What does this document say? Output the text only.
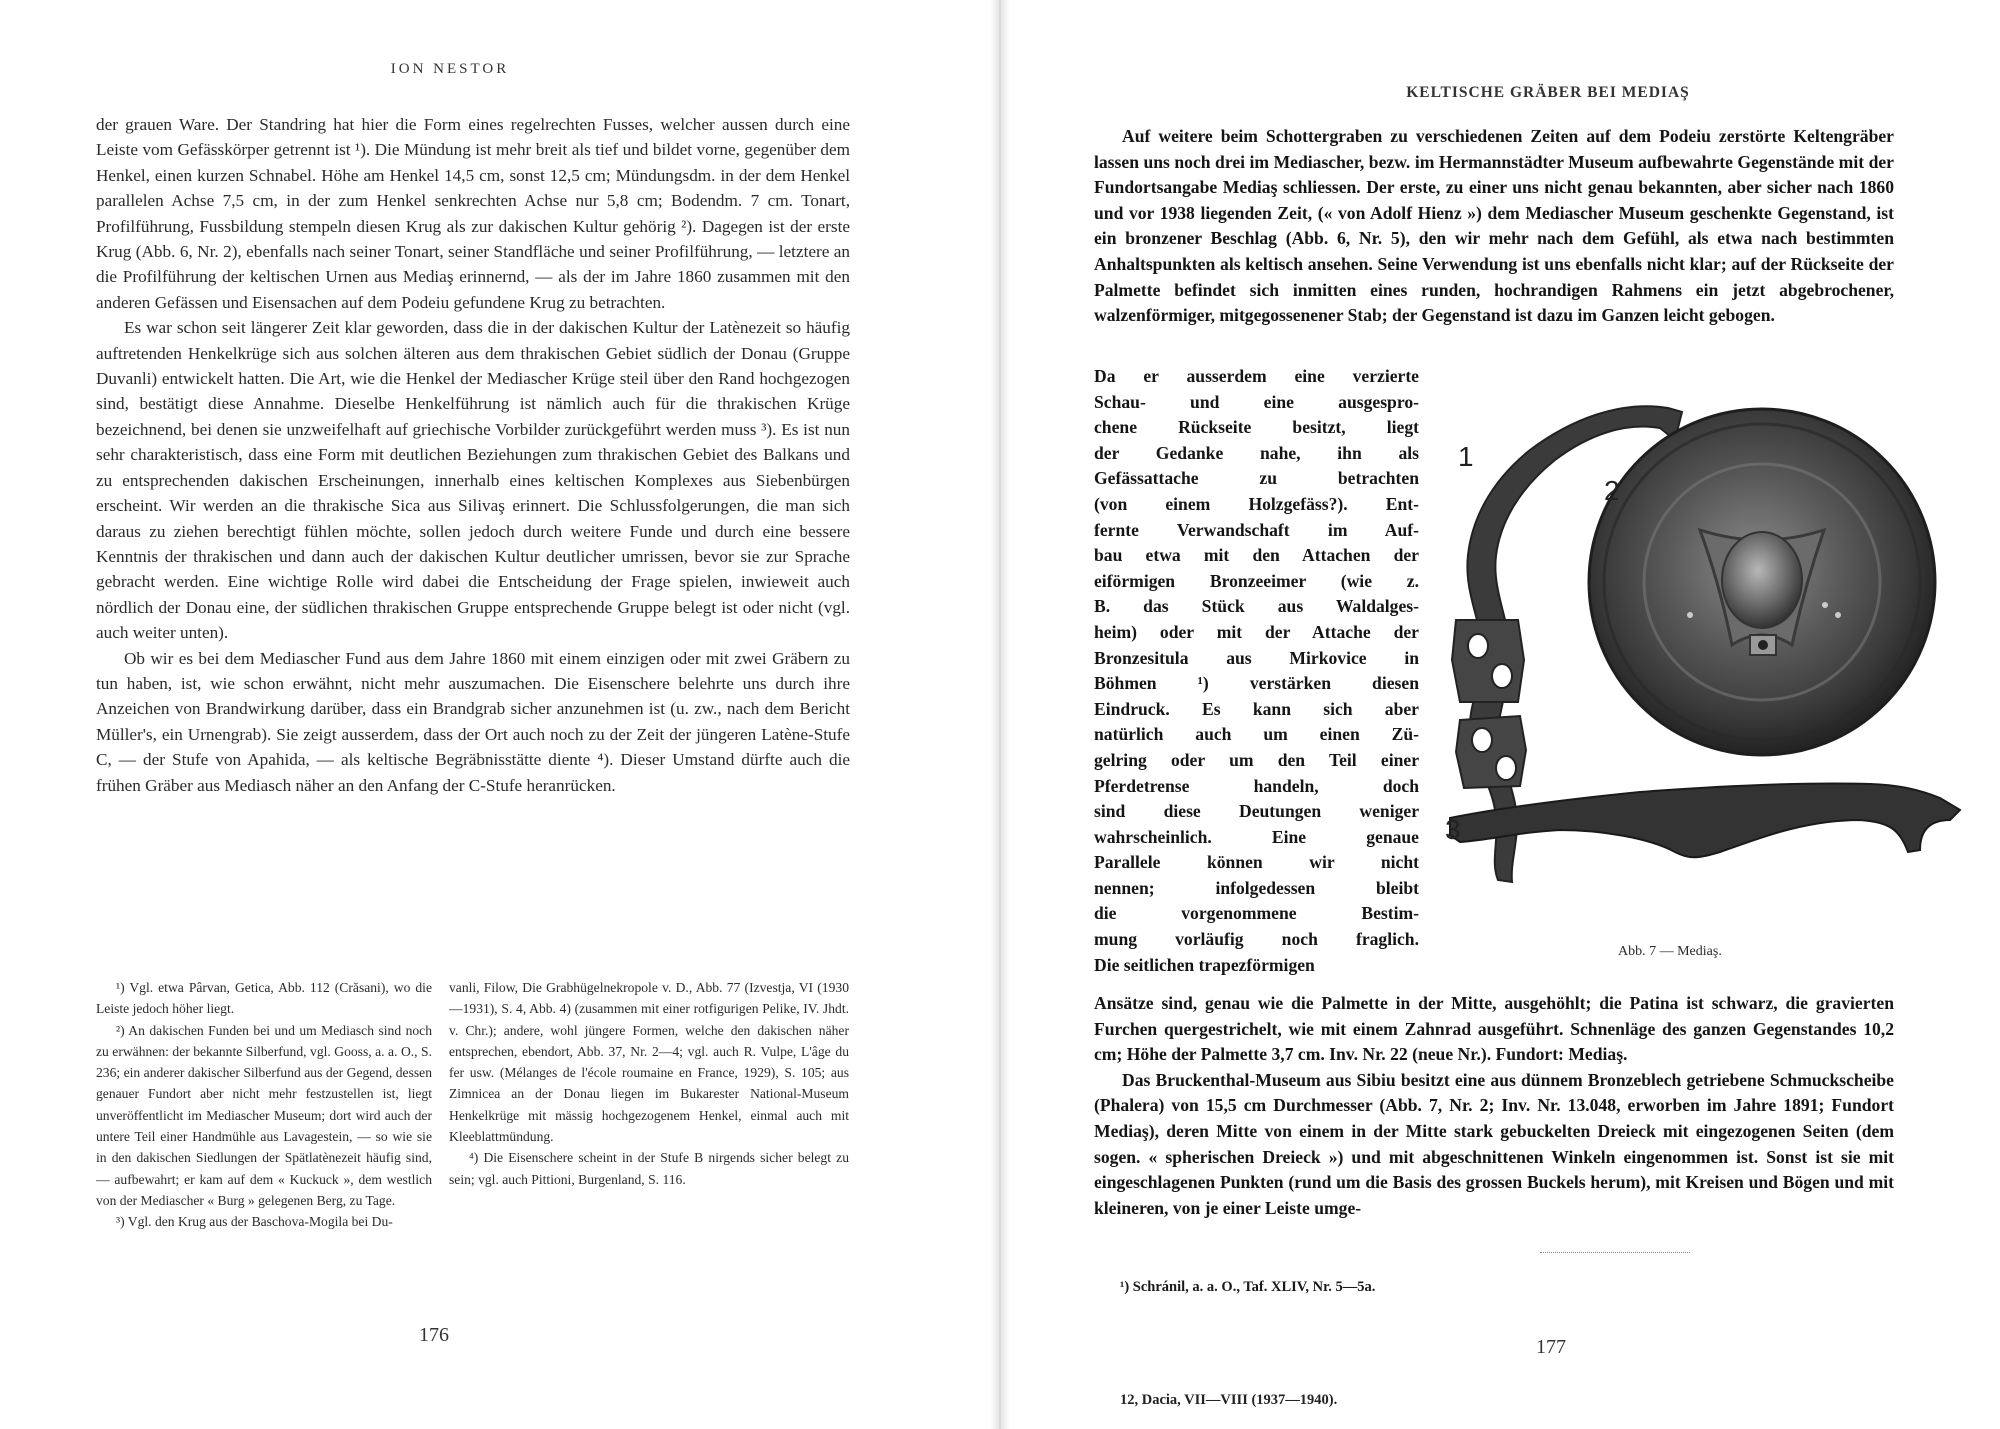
ION NESTOR

der grauen Ware. Der Standring hat hier die Form eines regelrechten Fusses, welcher aussen durch eine Leiste vom Gefässkörper getrennt ist ¹). Die Mündung ist mehr breit als tief und bildet vorne, gegenüber dem Henkel, einen kurzen Schnabel. Höhe am Henkel 14,5 cm, sonst 12,5 cm; Mündungsdm. in der dem Henkel parallelen Achse 7,5 cm, in der zum Henkel senkrechten Achse nur 5,8 cm; Bodendm. 7 cm. Tonart, Profilführung, Fussbildung stempeln diesen Krug als zur dakischen Kultur gehörig ²). Dagegen ist der erste Krug (Abb. 6, Nr. 2), ebenfalls nach seiner Tonart, seiner Standfläche und seiner Profilführung, — letztere an die Profilführung der keltischen Urnen aus Mediaş erinnernd, — als der im Jahre 1860 zusammen mit den anderen Gefässen und Eisensachen auf dem Podeiu gefundene Krug zu betrachten.

Es war schon seit längerer Zeit klar geworden, dass die in der dakischen Kultur der Latènezeit so häufig auftretenden Henkelkrüge sich aus solchen älteren aus dem thrakischen Gebiet südlich der Donau (Gruppe Duvanli) entwickelt hatten. Die Art, wie die Henkel der Mediascher Krüge steil über den Rand hochgezogen sind, bestätigt diese Annahme. Dieselbe Henkelführung ist nämlich auch für die thrakischen Krüge bezeichnend, bei denen sie unzweifelhaft auf griechische Vorbilder zurückgeführt werden muss ³). Es ist nun sehr charakteristisch, dass eine Form mit deutlichen Beziehungen zum thrakischen Gebiet des Balkans und zu entsprechenden dakischen Erscheinungen, innerhalb eines keltischen Komplexes aus Siebenbürgen erscheint. Wir werden an die thrakische Sica aus Silivaş erinnert. Die Schlussfolgerungen, die man sich daraus zu ziehen berechtigt fühlen möchte, sollen jedoch durch weitere Funde und durch eine bessere Kenntnis der thrakischen und dann auch der dakischen Kultur deutlicher umrissen, bevor sie zur Sprache gebracht werden. Eine wichtige Rolle wird dabei die Entscheidung der Frage spielen, inwieweit auch nördlich der Donau eine, der südlichen thrakischen Gruppe entsprechende Gruppe belegt ist oder nicht (vgl. auch weiter unten).

Ob wir es bei dem Mediascher Fund aus dem Jahre 1860 mit einem einzigen oder mit zwei Gräbern zu tun haben, ist, wie schon erwähnt, nicht mehr auszumachen. Die Eisenschere belehrte uns durch ihre Anzeichen von Brandwirkung darüber, dass ein Brandgrab sicher anzunehmen ist (u. zw., nach dem Bericht Müller's, ein Urnengrab). Sie zeigt ausserdem, dass der Ort auch noch zu der Zeit der jüngeren Latène-Stufe C, — der Stufe von Apahida, — als keltische Begräbnisstätte diente ⁴). Dieser Umstand dürfte auch die frühen Gräber aus Mediasch näher an den Anfang der C-Stufe heranrücken.

¹) Vgl. etwa Pârvan, Getica, Abb. 112 (Crăsani), wo die Leiste jedoch höher liegt.

²) An dakischen Funden bei und um Mediasch sind noch zu erwähnen: der bekannte Silberfund, vgl. Gooss, a. a. O., S. 236; ein anderer dakischer Silberfund aus der Gegend, dessen genauer Fundort aber nicht mehr festzustellen ist, liegt unveröffentlicht im Mediascher Museum; dort wird auch der untere Teil einer Handmühle aus Lavagestein, — so wie sie in den dakischen Siedlungen der Spätlatènezeit häufig sind, — aufbewahrt; er kam auf dem « Kuckuck », dem westlich von der Mediascher « Burg » gelegenen Berg, zu Tage.

³) Vgl. den Krug aus der Baschova-Mogila bei Du-

vanli, Filow, Die Grabhügelnekropole v. D., Abb. 77 (Izvestja, VI (1930—1931), S. 4, Abb. 4) (zusammen mit einer rotfigurigen Pelike, IV. Jhdt. v. Chr.); andere, wohl jüngere Formen, welche den dakischen näher entsprechen, ebendort, Abb. 37, Nr. 2—4; vgl. auch R. Vulpe, L'âge du fer usw. (Mélanges de l'école roumaine en France, 1929), S. 105; aus Zimnicea an der Donau liegen im Bukarester National-Museum Henkelkrüge mit mässig hochgezogenem Henkel, einmal auch mit Kleeblattmündung.

⁴) Die Eisenschere scheint in der Stufe B nirgends sicher belegt zu sein; vgl. auch Pittioni, Burgenland, S. 116.

176
KELTISCHE GRÄBER BEI MEDIAŞ

Auf weitere beim Schottergraben zu verschiedenen Zeiten auf dem Podeiu zerstörte Keltengräber lassen uns noch drei im Mediascher, bezw. im Hermannstädter Museum aufbewahrte Gegenstände mit der Fundortsangabe Mediaş schliessen. Der erste, zu einer uns nicht genau bekannten, aber sicher nach 1860 und vor 1938 liegenden Zeit, (« von Adolf Hienz ») dem Mediascher Museum geschenkte Gegenstand, ist ein bronzener Beschlag (Abb. 6, Nr. 5), den wir mehr nach dem Gefühl, als etwa nach bestimmten Anhaltspunkten als keltisch ansehen. Seine Verwendung ist uns ebenfalls nicht klar; auf der Rückseite der Palmette befindet sich inmitten eines runden, hochrandigen Rahmens ein jetzt abgebrochener, walzenförmiger, mitgegossenener Stab; der Gegenstand ist dazu im Ganzen leicht gebogen.

Da er ausserdem eine verzierte
Schau- und eine ausgespro-
chene Rückseite besitzt, liegt
der Gedanke nahe, ihn als
Gefässattache zu betrachten
(von einem Holzgefäss?). Ent-
fernte Verwandschaft im Auf-
bau etwa mit den Attachen der
eiförmigen Bronzeeimer (wie z.
B. das Stück aus Waldalges-
heim) oder mit der Attache der
Bronzesitula aus Mirkovice in
Böhmen ¹) verstärken diesen
Eindruck. Es kann sich aber
natürlich auch um einen Zü-
gelring oder um den Teil einer
Pferdetrense handeln, doch
sind diese Deutungen weniger
wahrscheinlich. Eine genaue
Parallele können wir nicht
nennen; infolgedessen bleibt
die vorgenommene Bestim-
mung vorläufig noch fraglich.
Die seitlichen trapezförmigen
1
2
3
Abb. 7 — Mediaş.

Ansätze sind, genau wie die Palmette in der Mitte, ausgehöhlt; die Patina ist schwarz, die gravierten Furchen quergestrichelt, wie mit einem Zahnrad ausgeführt. Schnenläge des ganzen Gegenstandes 10,2 cm; Höhe der Palmette 3,7 cm. Inv. Nr. 22 (neue Nr.). Fundort: Mediaş.

Das Bruckenthal-Museum aus Sibiu besitzt eine aus dünnem Bronzeblech getriebene Schmuckscheibe (Phalera) von 15,5 cm Durchmesser (Abb. 7, Nr. 2; Inv. Nr. 13.048, erworben im Jahre 1891; Fundort Mediaş), deren Mitte von einem in der Mitte stark gebuckelten Dreieck mit eingezogenen Seiten (dem sogen. « spherischen Dreieck ») und mit abgeschnittenen Winkeln eingenommen ist. Sonst ist sie mit eingeschlagenen Punkten (rund um die Basis des grossen Buckels herum), mit Kreisen und Bögen und mit kleineren, von je einer Leiste umge-

¹) Schránil, a. a. O., Taf. XLIV, Nr. 5—5a.
177
12, Dacia, VII—VIII (1937—1940).
